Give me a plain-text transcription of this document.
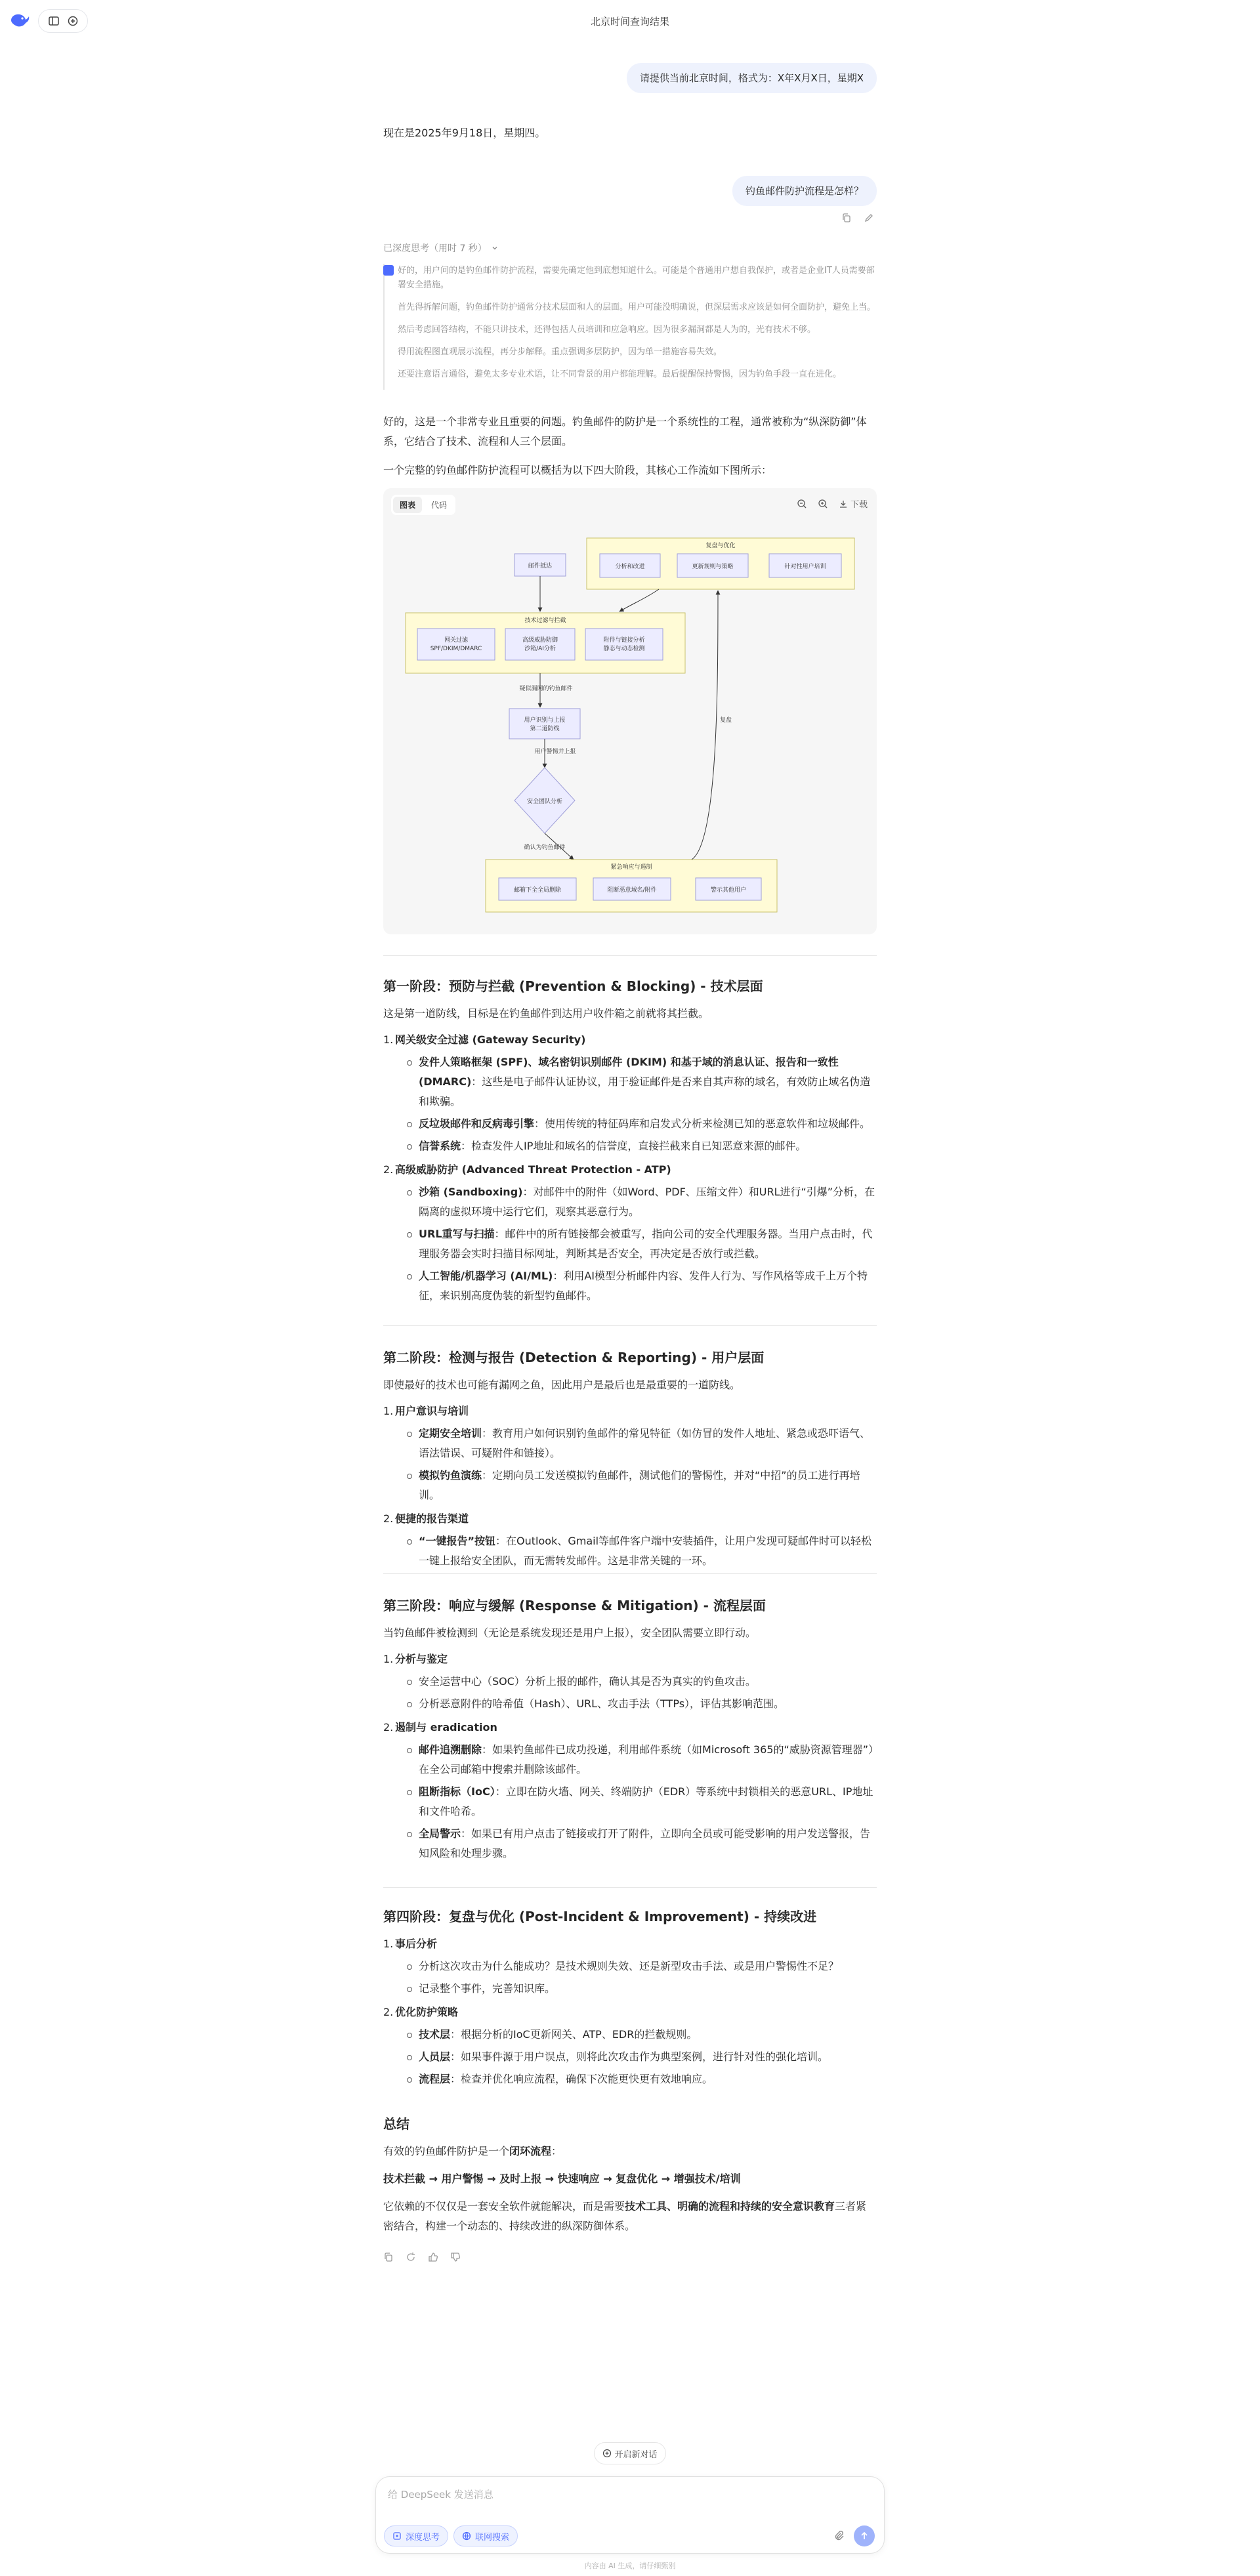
北京时间查询结果
请提供当前北京时间，格式为：X年X月X日，星期X
现在是2025年9月18日，星期四。
钓鱼邮件防护流程是怎样？
已深度思考（用时 7 秒）

好的，用户问的是钓鱼邮件防护流程，需要先确定他到底想知道什么。可能是个普通用户想自我保护，或者是企业IT人员需要部署安全措施。

首先得拆解问题，钓鱼邮件防护通常分技术层面和人的层面。用户可能没明确说，但深层需求应该是如何全面防护，避免上当。

然后考虑回答结构，不能只讲技术，还得包括人员培训和应急响应。因为很多漏洞都是人为的，光有技术不够。

得用流程图直观展示流程，再分步解释。重点强调多层防护，因为单一措施容易失效。

还要注意语言通俗，避免太多专业术语，让不同背景的用户都能理解。最后提醒保持警惕，因为钓鱼手段一直在进化。

好的，这是一个非常专业且重要的问题。钓鱼邮件的防护是一个系统性的工程，通常被称为“纵深防御”体系，它结合了技术、流程和人三个层面。

一个完整的钓鱼邮件防护流程可以概括为以下四大阶段，其核心工作流如下图所示：

图表	代码	下载
复盘与优化
分析和改进	更新规则与策略	针对性用户培训
邮件抵达
技术过滤与拦截
网关过滤 SPF/DKIM/DMARC
高级威胁防御沙箱/AI分析
附件与链接分析静态与动态检测
疑似漏网的钓鱼邮件
用户识别与上报第二道防线
用户警惕并上报
安全团队分析
确认为钓鱼邮件
紧急响应与遏制
邮箱下全全局删除	阻断恶意域名/附件	警示其他用户
复盘
第一阶段：预防与拦截 (Prevention & Blocking) - 技术层面

这是第一道防线，目标是在钓鱼邮件到达用户收件箱之前就将其拦截。

1. 网关级安全过滤 (Gateway Security)
发件人策略框架 (SPF)、域名密钥识别邮件 (DKIM) 和基于域的消息认证、报告和一致性 (DMARC)：这些是电子邮件认证协议，用于验证邮件是否来自其声称的域名，有效防止域名伪造和欺骗。
反垃圾邮件和反病毒引擎：使用传统的特征码库和启发式分析来检测已知的恶意软件和垃圾邮件。
信誉系统：检查发件人IP地址和域名的信誉度，直接拦截来自已知恶意来源的邮件。
2. 高级威胁防护 (Advanced Threat Protection - ATP)
沙箱 (Sandboxing)：对邮件中的附件（如Word、PDF、压缩文件）和URL进行“引爆”分析，在隔离的虚拟环境中运行它们，观察其恶意行为。
URL重写与扫描：邮件中的所有链接都会被重写，指向公司的安全代理服务器。当用户点击时，代理服务器会实时扫描目标网址，判断其是否安全，再决定是否放行或拦截。
人工智能/机器学习 (AI/ML)：利用AI模型分析邮件内容、发件人行为、写作风格等成千上万个特征，来识别高度伪装的新型钓鱼邮件。
第二阶段：检测与报告 (Detection & Reporting) - 用户层面

即使最好的技术也可能有漏网之鱼，因此用户是最后也是最重要的一道防线。

1. 用户意识与培训
定期安全培训：教育用户如何识别钓鱼邮件的常见特征（如仿冒的发件人地址、紧急或恐吓语气、语法错误、可疑附件和链接）。
模拟钓鱼演练：定期向员工发送模拟钓鱼邮件，测试他们的警惕性，并对“中招”的员工进行再培训。
2. 便捷的报告渠道
“一键报告”按钮：在Outlook、Gmail等邮件客户端中安装插件，让用户发现可疑邮件时可以轻松一键上报给安全团队，而无需转发邮件。这是非常关键的一环。
第三阶段：响应与缓解 (Response & Mitigation) - 流程层面

当钓鱼邮件被检测到（无论是系统发现还是用户上报），安全团队需要立即行动。

1. 分析与鉴定
安全运营中心（SOC）分析上报的邮件，确认其是否为真实的钓鱼攻击。
分析恶意附件的哈希值（Hash）、URL、攻击手法（TTPs），评估其影响范围。
2. 遏制与 eradication
邮件追溯删除：如果钓鱼邮件已成功投递，利用邮件系统（如Microsoft 365的“威胁资源管理器”）在全公司邮箱中搜索并删除该邮件。
阻断指标（IoC）：立即在防火墙、网关、终端防护（EDR）等系统中封锁相关的恶意URL、IP地址和文件哈希。
全局警示：如果已有用户点击了链接或打开了附件，立即向全员或可能受影响的用户发送警报，告知风险和处理步骤。
第四阶段：复盘与优化 (Post-Incident & Improvement) - 持续改进
1. 事后分析
分析这次攻击为什么能成功？是技术规则失效、还是新型攻击手法、或是用户警惕性不足？
记录整个事件，完善知识库。
2. 优化防护策略
技术层：根据分析的IoC更新网关、ATP、EDR的拦截规则。
人员层：如果事件源于用户误点，则将此次攻击作为典型案例，进行针对性的强化培训。
流程层：检查并优化响应流程，确保下次能更快更有效地响应。
总结

有效的钓鱼邮件防护是一个闭环流程：

技术拦截 → 用户警惕 → 及时上报 → 快速响应 → 复盘优化 → 增强技术/培训

它依赖的不仅仅是一套安全软件就能解决，而是需要技术工具、明确的流程和持续的安全意识教育三者紧密结合，构建一个动态的、持续改进的纵深防御体系。

开启新对话
给 DeepSeek 发送消息
深度思考	联网搜索
内容由 AI 生成，请仔细甄别
